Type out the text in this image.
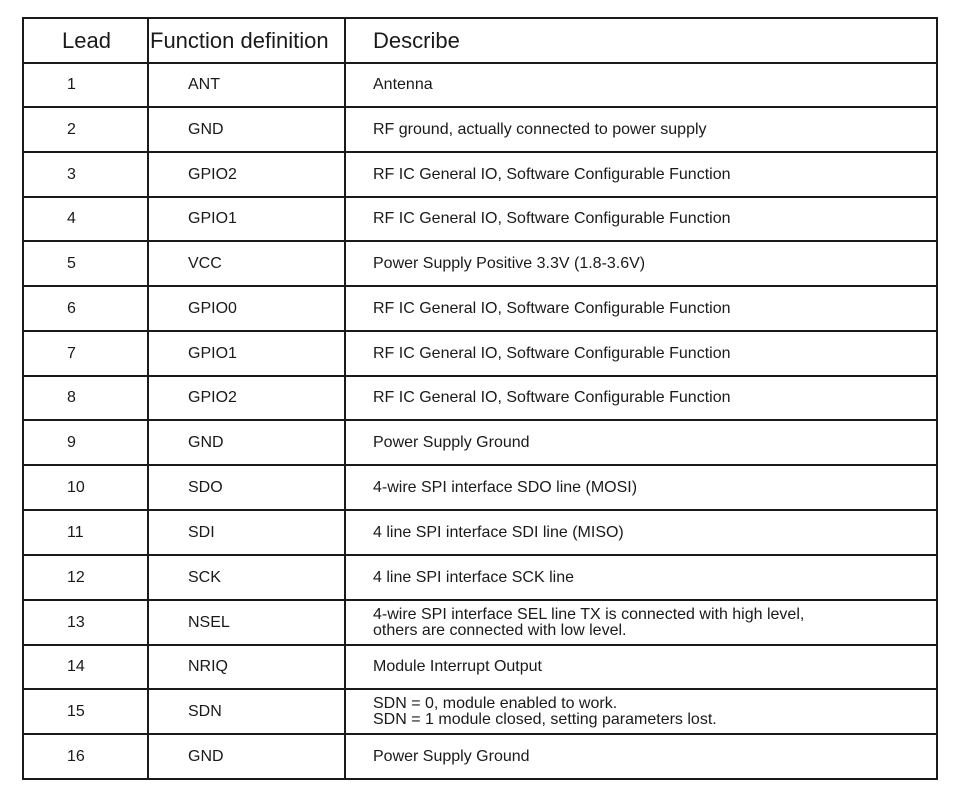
Lead	Function definition	Describe
1	ANT	Antenna
2	GND	RF ground, actually connected to power supply
3	GPIO2	RF IC General IO, Software Configurable Function
4	GPIO1	RF IC General IO, Software Configurable Function
5	VCC	Power Supply Positive 3.3V (1.8-3.6V)
6	GPIO0	RF IC General IO, Software Configurable Function
7	GPIO1	RF IC General IO, Software Configurable Function
8	GPIO2	RF IC General IO, Software Configurable Function
9	GND	Power Supply Ground
10	SDO	4-wire SPI interface SDO line (MOSI)
11	SDI	4 line SPI interface SDI line (MISO)
12	SCK	4 line SPI interface SCK line
13	NSEL	4-wire SPI interface SEL line TX is connected with high level,
others are connected with low level.
14	NRIQ	Module Interrupt Output
15	SDN	SDN = 0, module enabled to work.
SDN = 1 module closed, setting parameters lost.
16	GND	Power Supply Ground
